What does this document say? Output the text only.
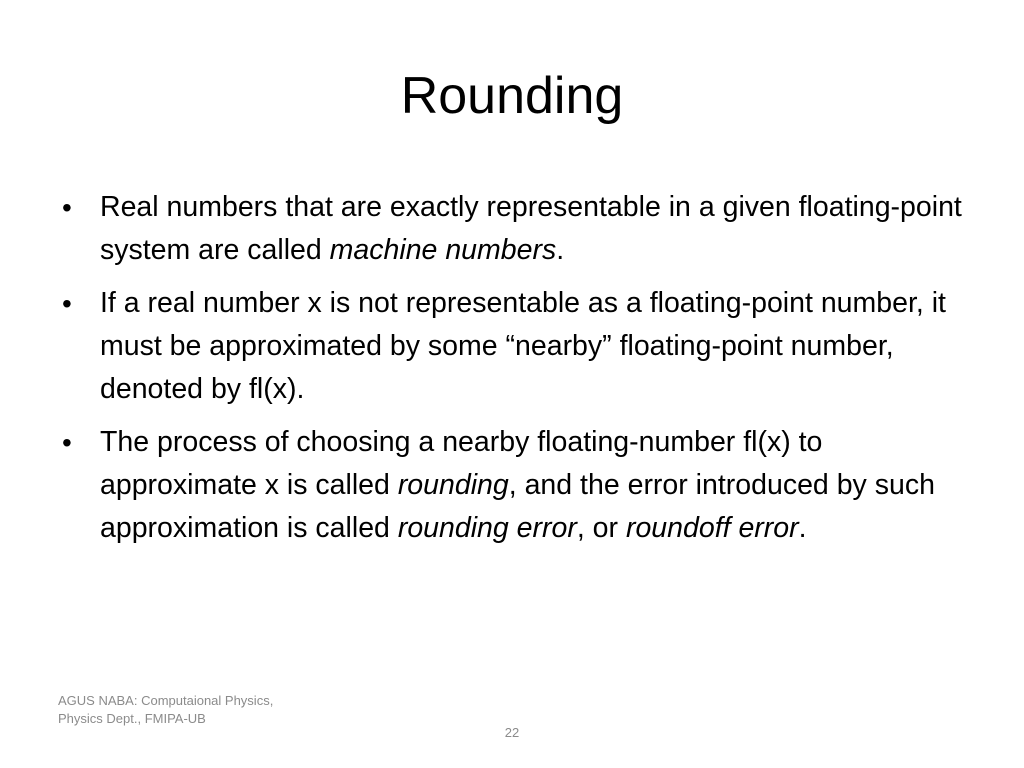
Rounding
• Real numbers that are exactly representable in a given floating-point system are called machine numbers.
• If a real number x is not representable as a floating-point number, it must be approximated by some “nearby” floating-point number, denoted by fl(x).
• The process of choosing a nearby floating-number fl(x) to approximate x is called rounding, and the error introduced by such approximation is called rounding error, or roundoff error.
AGUS NABA: Computaional Physics, Physics Dept., FMIPA-UB
22
